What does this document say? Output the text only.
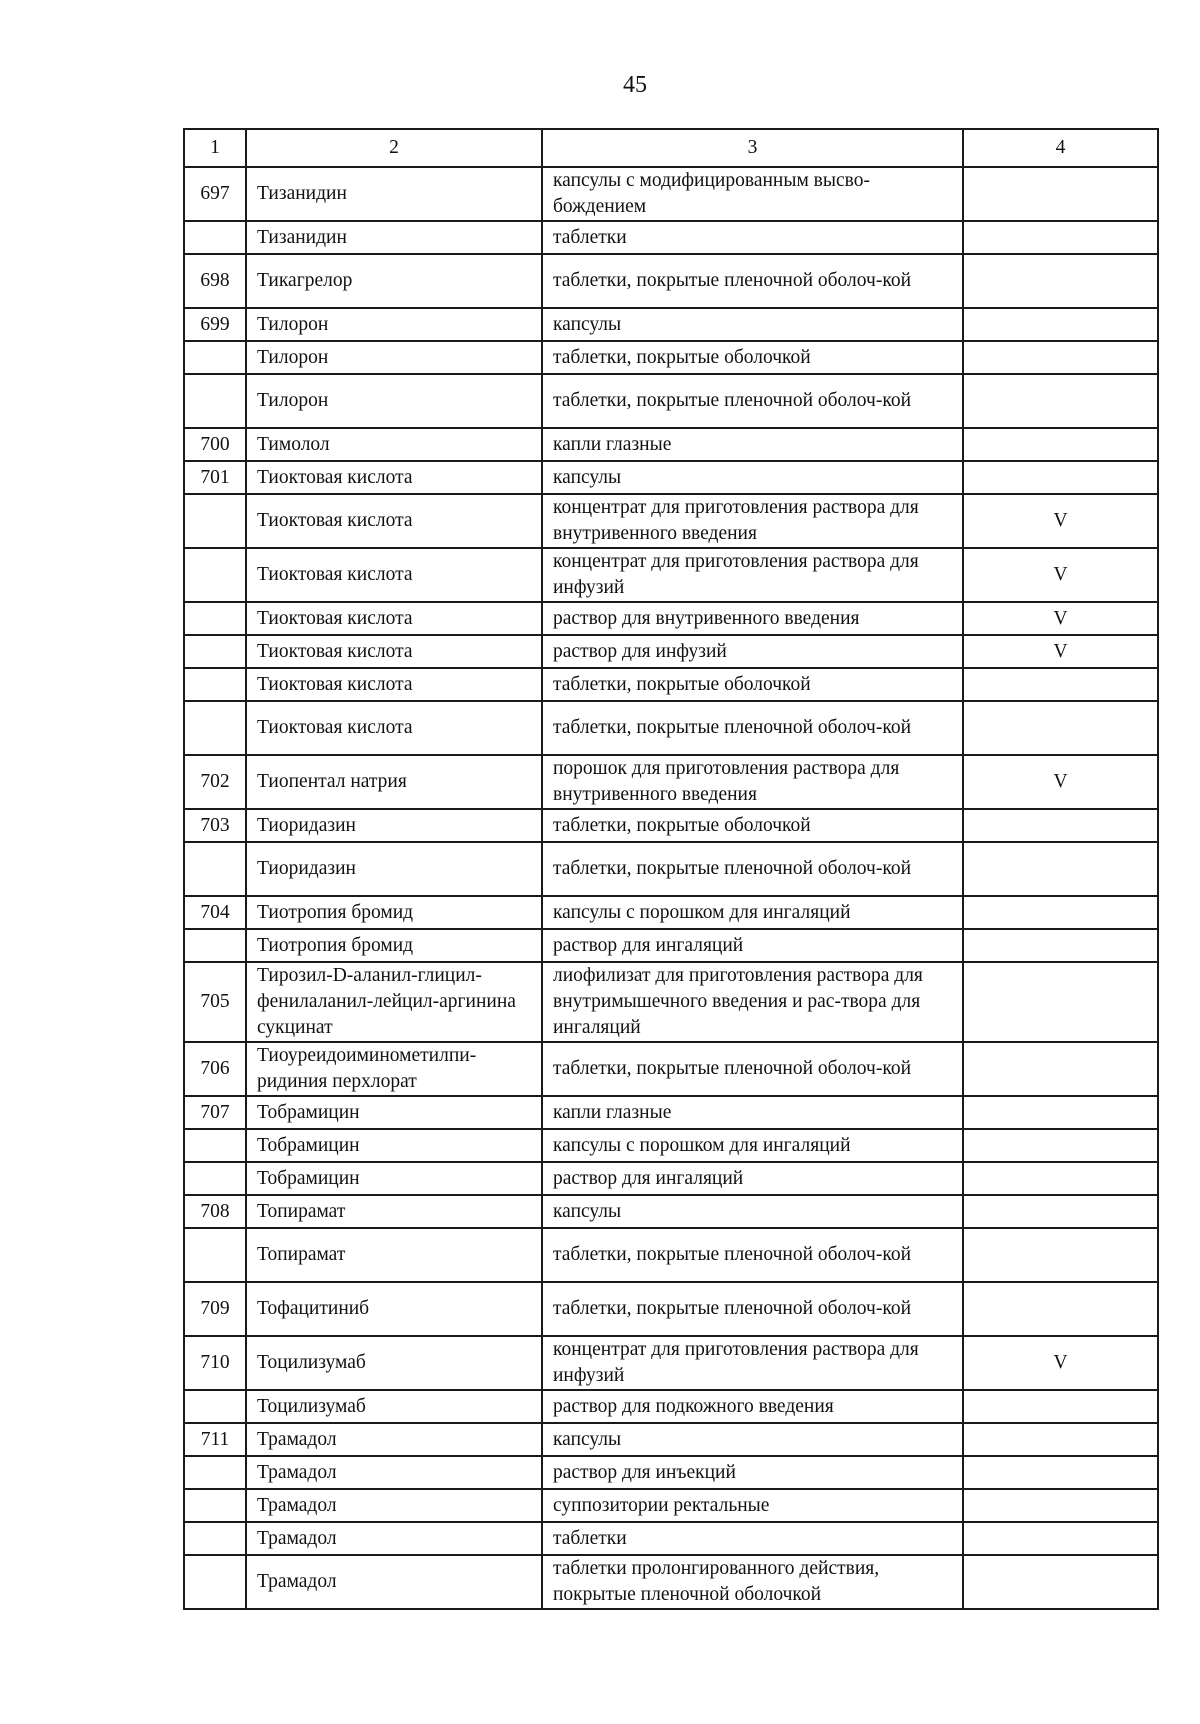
45
1	2	3	4
697	Тизанидин	капсулы с модифицированным высво-бождением	
	Тизанидин	таблетки	
698	Тикагрелор	таблетки, покрытые пленочной оболоч-кой	
699	Тилорон	капсулы	
	Тилорон	таблетки, покрытые оболочкой	
	Тилорон	таблетки, покрытые пленочной оболоч-кой	
700	Тимолол	капли глазные	
701	Тиоктовая кислота	капсулы	
	Тиоктовая кислота	концентрат для приготовления раствора для внутривенного введения	V
	Тиоктовая кислота	концентрат для приготовления раствора для инфузий	V
	Тиоктовая кислота	раствор для внутривенного введения	V
	Тиоктовая кислота	раствор для инфузий	V
	Тиоктовая кислота	таблетки, покрытые оболочкой	
	Тиоктовая кислота	таблетки, покрытые пленочной оболоч-кой	
702	Тиопентал натрия	порошок для приготовления раствора для внутривенного введения	V
703	Тиоридазин	таблетки, покрытые оболочкой	
	Тиоридазин	таблетки, покрытые пленочной оболоч-кой	
704	Тиотропия бромид	капсулы с порошком для ингаляций	
	Тиотропия бромид	раствор для ингаляций	
705	Тирозил-D-аланил-глицил-фенилаланил-лейцил-аргинина сукцинат	лиофилизат для приготовления раствора для внутримышечного введения и рас-твора для ингаляций	
706	Тиоуреидоиминометилпи-ридиния перхлорат	таблетки, покрытые пленочной оболоч-кой	
707	Тобрамицин	капли глазные	
	Тобрамицин	капсулы с порошком для ингаляций	
	Тобрамицин	раствор для ингаляций	
708	Топирамат	капсулы	
	Топирамат	таблетки, покрытые пленочной оболоч-кой	
709	Тофацитиниб	таблетки, покрытые пленочной оболоч-кой	
710	Тоцилизумаб	концентрат для приготовления раствора для инфузий	V
	Тоцилизумаб	раствор для подкожного введения	
711	Трамадол	капсулы	
	Трамадол	раствор для инъекций	
	Трамадол	суппозитории ректальные	
	Трамадол	таблетки	
	Трамадол	таблетки пролонгированного действия, покрытые пленочной оболочкой	
